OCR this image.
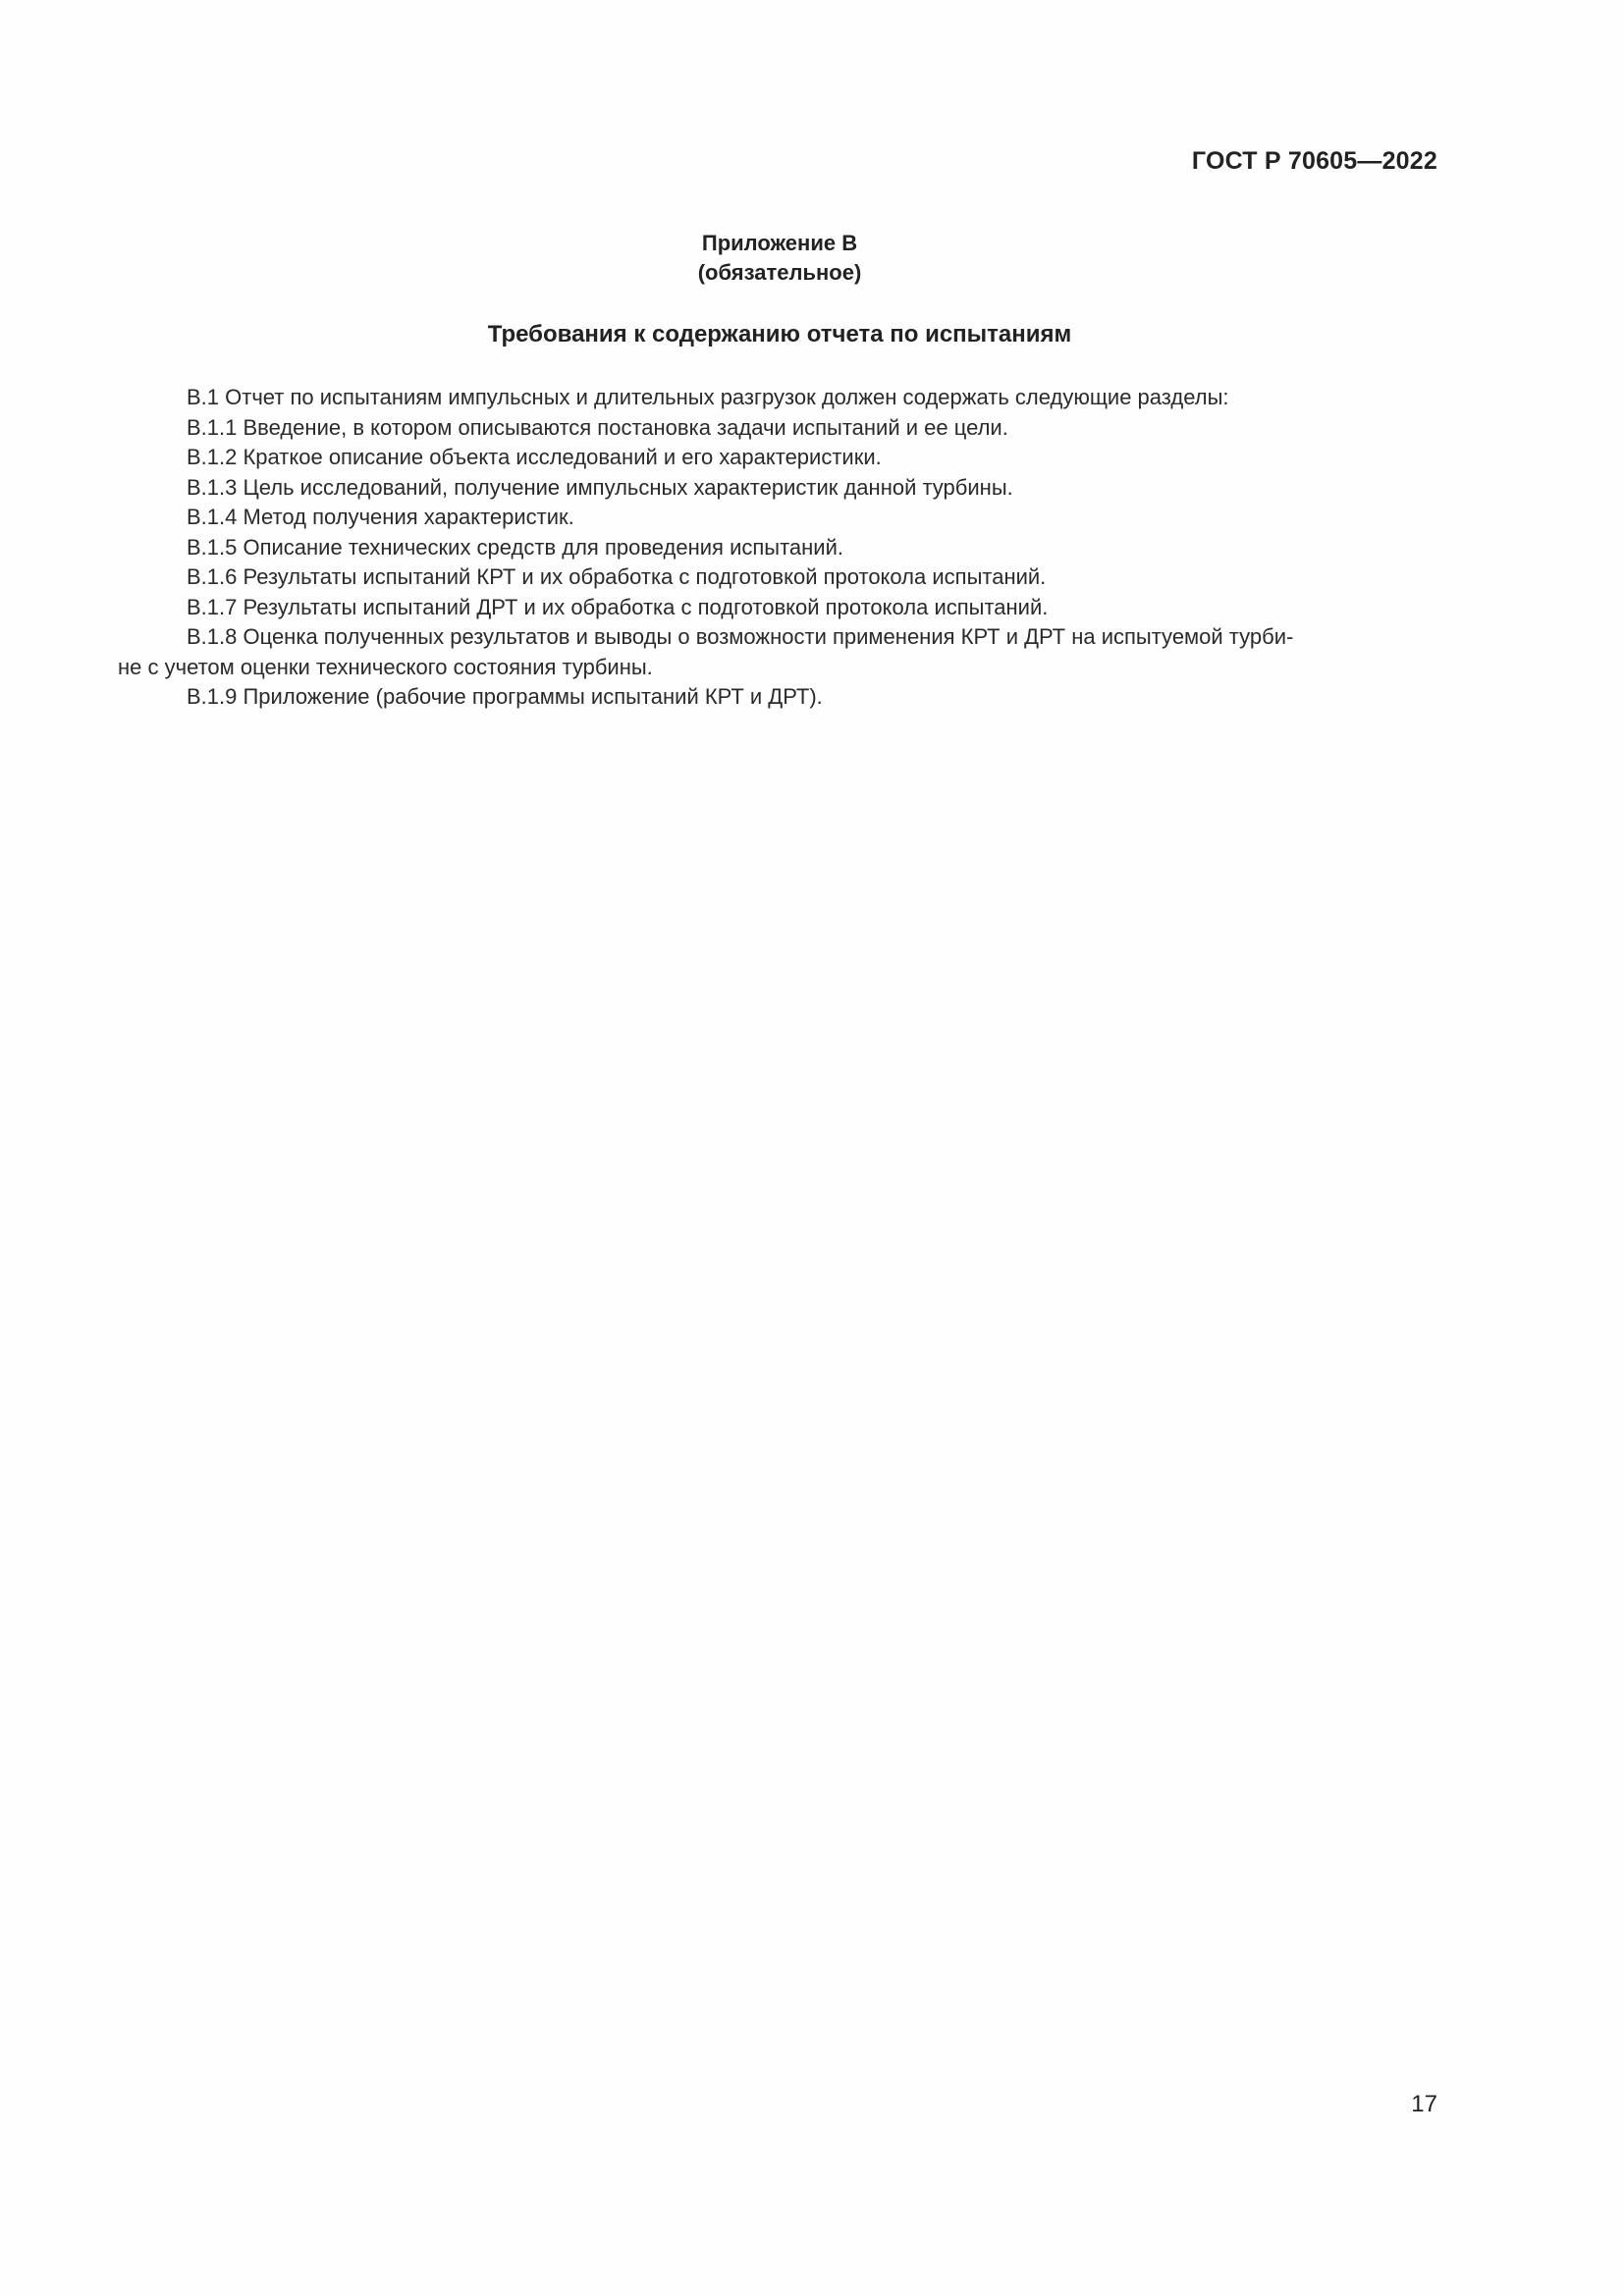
ГОСТ Р 70605—2022

Приложение В
(обязательное)
Требования к содержанию отчета по испытаниям

В.1 Отчет по испытаниям импульсных и длительных разгрузок должен содержать следующие разделы:

В.1.1 Введение, в котором описываются постановка задачи испытаний и ее цели.

В.1.2 Краткое описание объекта исследований и его характеристики.

В.1.3 Цель исследований, получение импульсных характеристик данной турбины.

В.1.4 Метод получения характеристик.

В.1.5 Описание технических средств для проведения испытаний.

В.1.6 Результаты испытаний КРТ и их обработка с подготовкой протокола испытаний.

В.1.7 Результаты испытаний ДРТ и их обработка с подготовкой протокола испытаний.

В.1.8 Оценка полученных результатов и выводы о возможности применения КРТ и ДРТ на испытуемой турби-

не с учетом оценки технического состояния турбины.

В.1.9 Приложение (рабочие программы испытаний КРТ и ДРТ).

17
